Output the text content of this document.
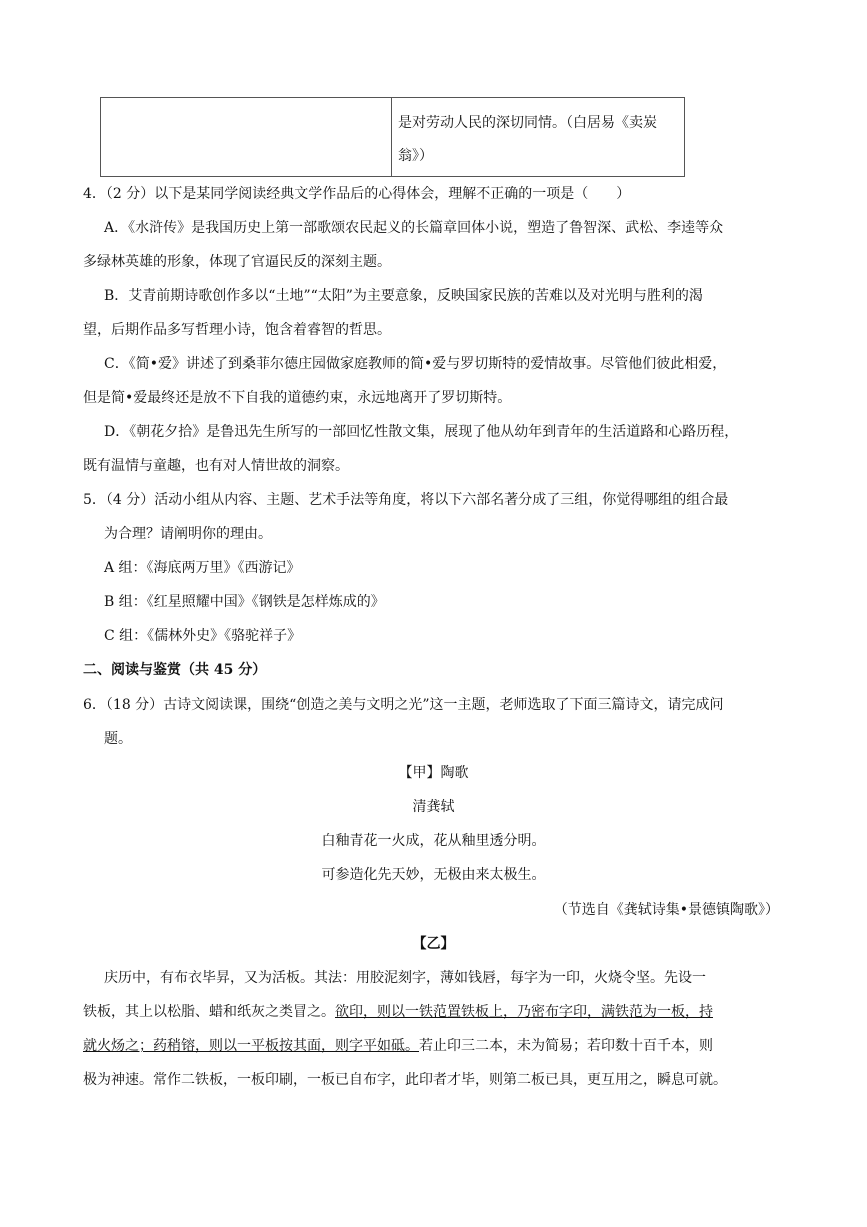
是对劳动人民的深切同情。（白居易《卖炭
翁》）
4．（2 分）以下是某同学阅读经典文学作品后的心得体会，理解不正确的一项是（　　）
A．《水浒传》是我国历史上第一部歌颂农民起义的长篇章回体小说，塑造了鲁智深、武松、李逵等众
多绿林英雄的形象，体现了官逼民反的深刻主题。
B．艾青前期诗歌创作多以“土地”“太阳”为主要意象，反映国家民族的苦难以及对光明与胜利的渴
望，后期作品多写哲理小诗，饱含着睿智的哲思。
C．《简•爱》讲述了到桑菲尔德庄园做家庭教师的简•爱与罗切斯特的爱情故事。尽管他们彼此相爱，
但是简•爱最终还是放不下自我的道德约束，永远地离开了罗切斯特。
D．《朝花夕拾》是鲁迅先生所写的一部回忆性散文集，展现了他从幼年到青年的生活道路和心路历程，
既有温情与童趣，也有对人情世故的洞察。
5．（4 分）活动小组从内容、主题、艺术手法等角度，将以下六部名著分成了三组，你觉得哪组的组合最
为合理？请阐明你的理由。
A 组：《海底两万里》《西游记》
B 组：《红星照耀中国》《钢铁是怎样炼成的》
C 组：《儒林外史》《骆驼祥子》
二、阅读与鉴赏（共 45 分）
6．（18 分）古诗文阅读课，围绕“创造之美与文明之光”这一主题，老师选取了下面三篇诗文，请完成问
题。
【甲】陶歌
清龚轼
白釉青花一火成，花从釉里透分明。
可参造化先天妙，无极由来太极生。
（节选自《龚轼诗集•景德镇陶歌》）
【乙】
庆历中，有布衣毕昇，又为活板。其法：用胶泥刻字，薄如钱唇，每字为一印，火烧令坚。先设一
铁板，其上以松脂、蜡和纸灰之类冒之。欲印，则以一铁范置铁板上，乃密布字印，满铁范为一板，持
就火炀之；药稍镕，则以一平板按其面，则字平如砥。若止印三二本，未为简易；若印数十百千本，则
极为神速。常作二铁板，一板印刷，一板已自布字，此印者才毕，则第二板已具，更互用之，瞬息可就。
